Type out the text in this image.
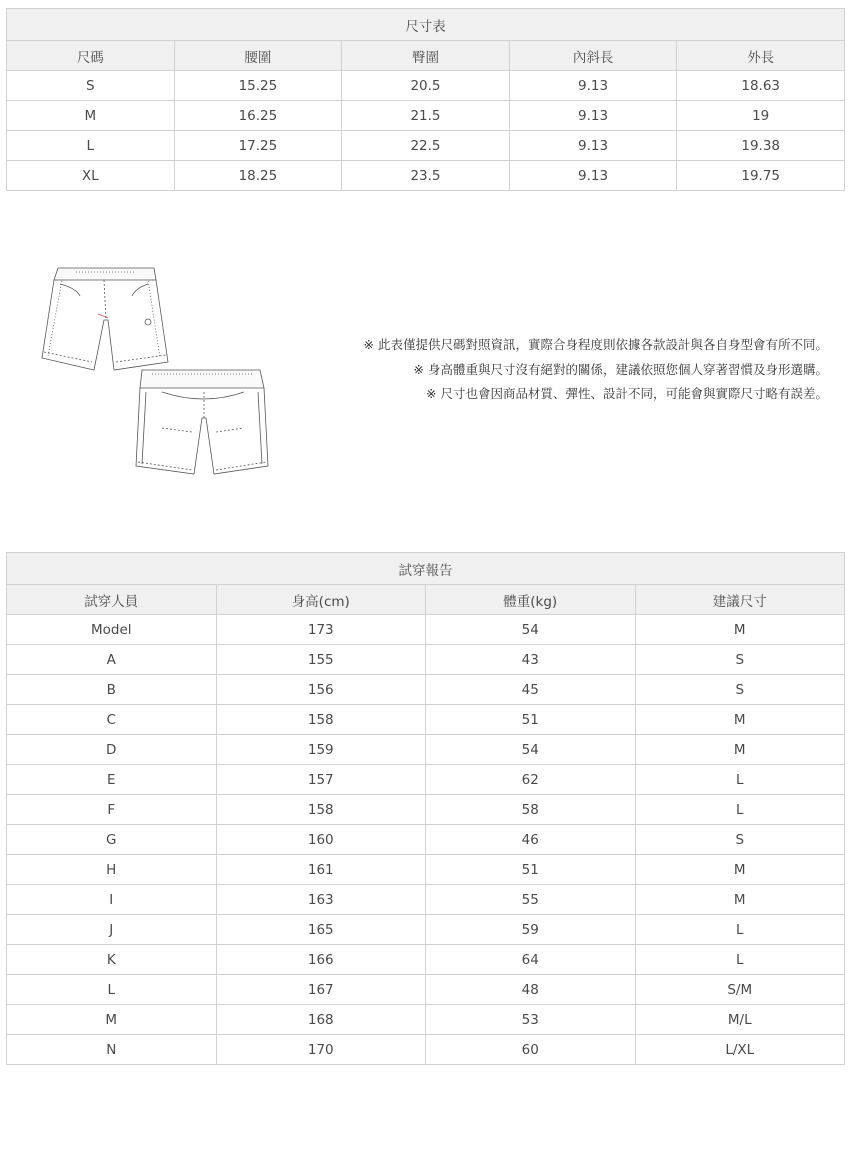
尺寸表				
尺碼	腰圍	臀圍	內斜長	外長
S	15.25	20.5	9.13	18.63
M	16.25	21.5	9.13	19
L	17.25	22.5	9.13	19.38
XL	18.25	23.5	9.13	19.75
※ 此表僅提供尺碼對照資訊，實際合身程度則依據各款設計與各自身型會有所不同。
※ 身高體重與尺寸沒有絕對的關係，建議依照您個人穿著習慣及身形選購。
※ 尺寸也會因商品材質、彈性、設計不同，可能會與實際尺寸略有誤差。
試穿報告			
試穿人員	身高(cm)	體重(kg)	建議尺寸
Model	173	54	M
A	155	43	S
B	156	45	S
C	158	51	M
D	159	54	M
E	157	62	L
F	158	58	L
G	160	46	S
H	161	51	M
I	163	55	M
J	165	59	L
K	166	64	L
L	167	48	S/M
M	168	53	M/L
N	170	60	L/XL
